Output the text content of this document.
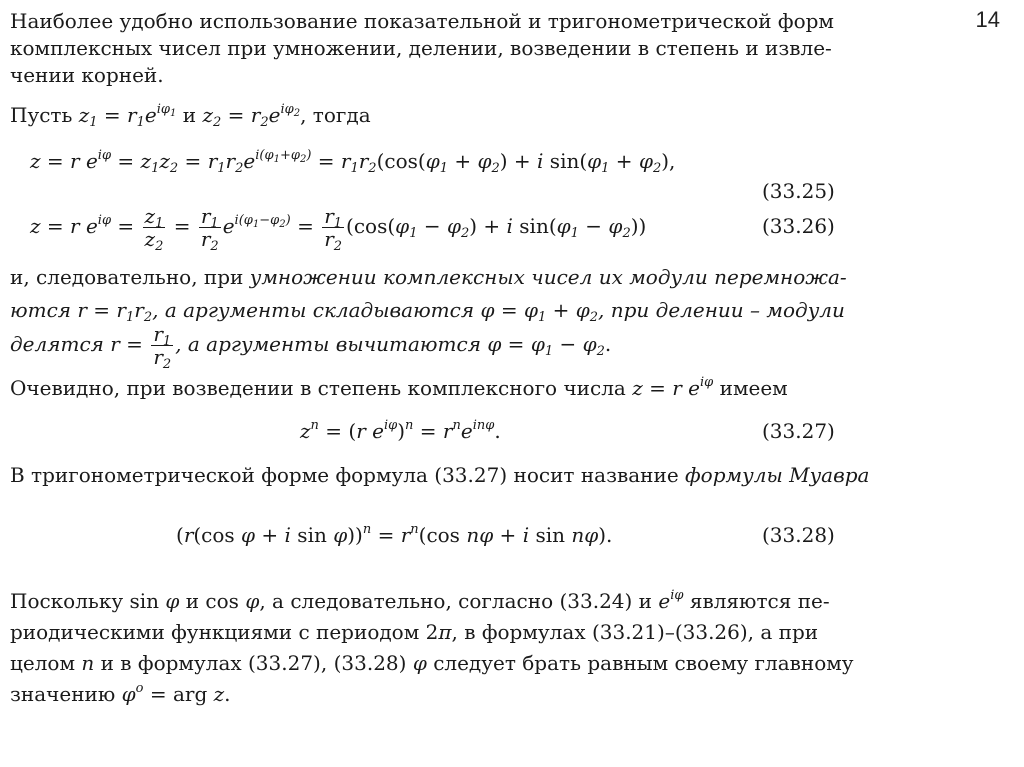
14
Наиболее удобно использование показательной и тригонометрической форм
комплексных чисел при умножении, делении, возведении в степень и извле-
чении корней.
Пусть $z_1 = r_1e^{i\varphi_1}$ и $z_2 = r_2e^{i\varphi_2}$, тогда
z = r $e^{i\varphi} = z_1z_2 = r_1r_2e^{i(\varphi_1+\varphi_2)} = r_1r_2(\cos(\varphi_1 + \varphi_2) + i$ $\sin(\varphi_1 + \varphi_2)$,
(33.25)
z = r $e^{i\varphi} = \frac{z_1}{z_2} = \frac{r_1}{r_2} e^{i(\varphi_1-\varphi_2)} = \frac{r_1}{r_2} (\cos(\varphi_1 - \varphi_2) + i$ $\sin(\varphi_1 - \varphi_2)$)	(33.26)
и, следовательно, при умножении комплексных чисел их модули перемножа-
ются $r = r_1r_2$, а аргументы складываются $\varphi = \varphi_1 + \varphi_2$, при делении – модули
делятся $r = \frac{r_1}{r_2}$ , а аргументы вычитаются $\varphi = \varphi_1 - \varphi_2$.
Очевидно, при возведении в степень комплексного числа z = r $e^{i\varphi}$ имеем
$z^n = (r$ $e^{i\varphi})^n = r^ne^{in\varphi}$.	(33.27)
В тригонометрической форме формула (33.27) носит название формулы Муавра
(r(cos φ + i $\sin \varphi))^n = r^n(\cos$ nφ + i sin nφ).	(33.28)
Поскольку sin φ и cos φ, а следовательно, согласно (33.24) и $e^{i\varphi}$ являются пе-
риодическими функциями с периодом 2π, в формулах (33.21)–(33.26), а при
целом n и в формулах (33.27), (33.28) φ следует брать равным своему главному
значению $\varphi^o$ = arg z.
